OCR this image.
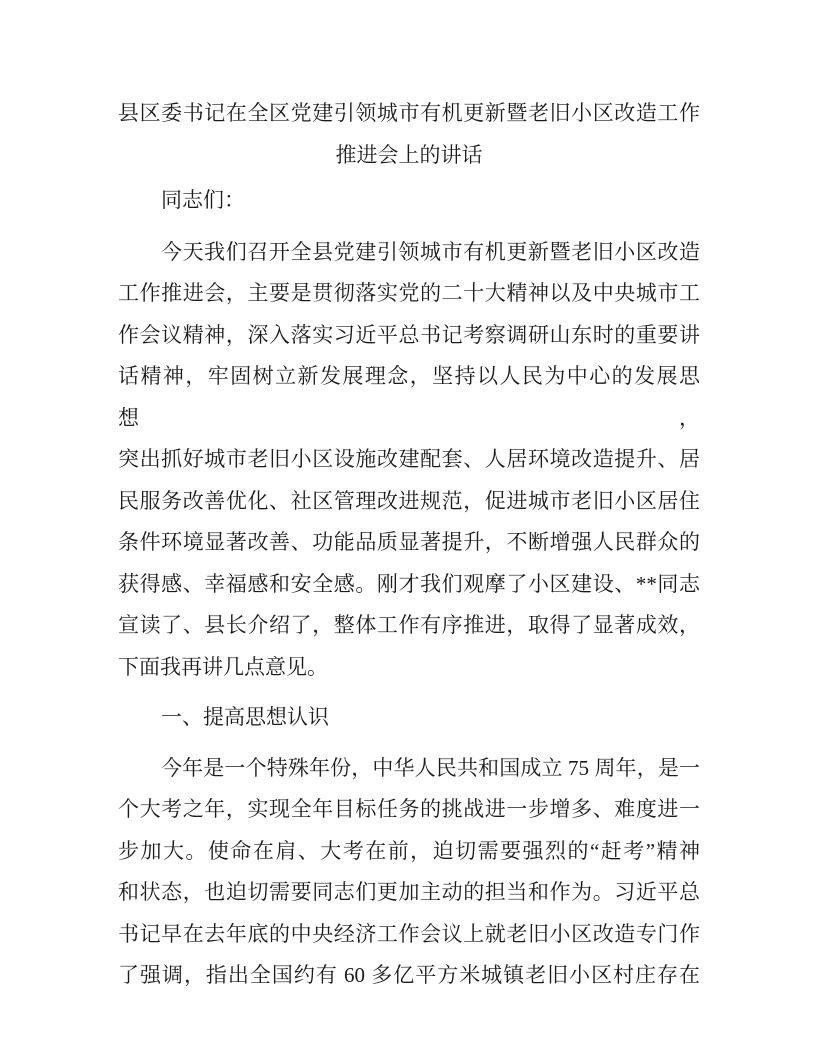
县区委书记在全区党建引领城市有机更新暨老旧小区改造工作
推进会上的讲话

同志们：

今天我们召开全县党建引领城市有机更新暨老旧小区改造
工作推进会，主要是贯彻落实党的二十大精神以及中央城市工
作会议精神，深入落实习近平总书记考察调研山东时的重要讲
话精神，牢固树立新发展理念，坚持以人民为中心的发展思想，
突出抓好城市老旧小区设施改建配套、人居环境改造提升、居
民服务改善优化、社区管理改进规范，促进城市老旧小区居住
条件环境显著改善、功能品质显著提升，不断增强人民群众的
获得感、幸福感和安全感。刚才我们观摩了小区建设、**同志
宣读了、县长介绍了，整体工作有序推进，取得了显著成效，
下面我再讲几点意见。
一、提高思想认识
今年是一个特殊年份，中华人民共和国成立 75 周年，是一
个大考之年，实现全年目标任务的挑战进一步增多、难度进一
步加大。使命在肩、大考在前，迫切需要强烈的“赶考”精神
和状态，也迫切需要同志们更加主动的担当和作为。习近平总
书记早在去年底的中央经济工作会议上就老旧小区改造专门作
了强调，指出全国约有 60 多亿平方米城镇老旧小区村庄存在
